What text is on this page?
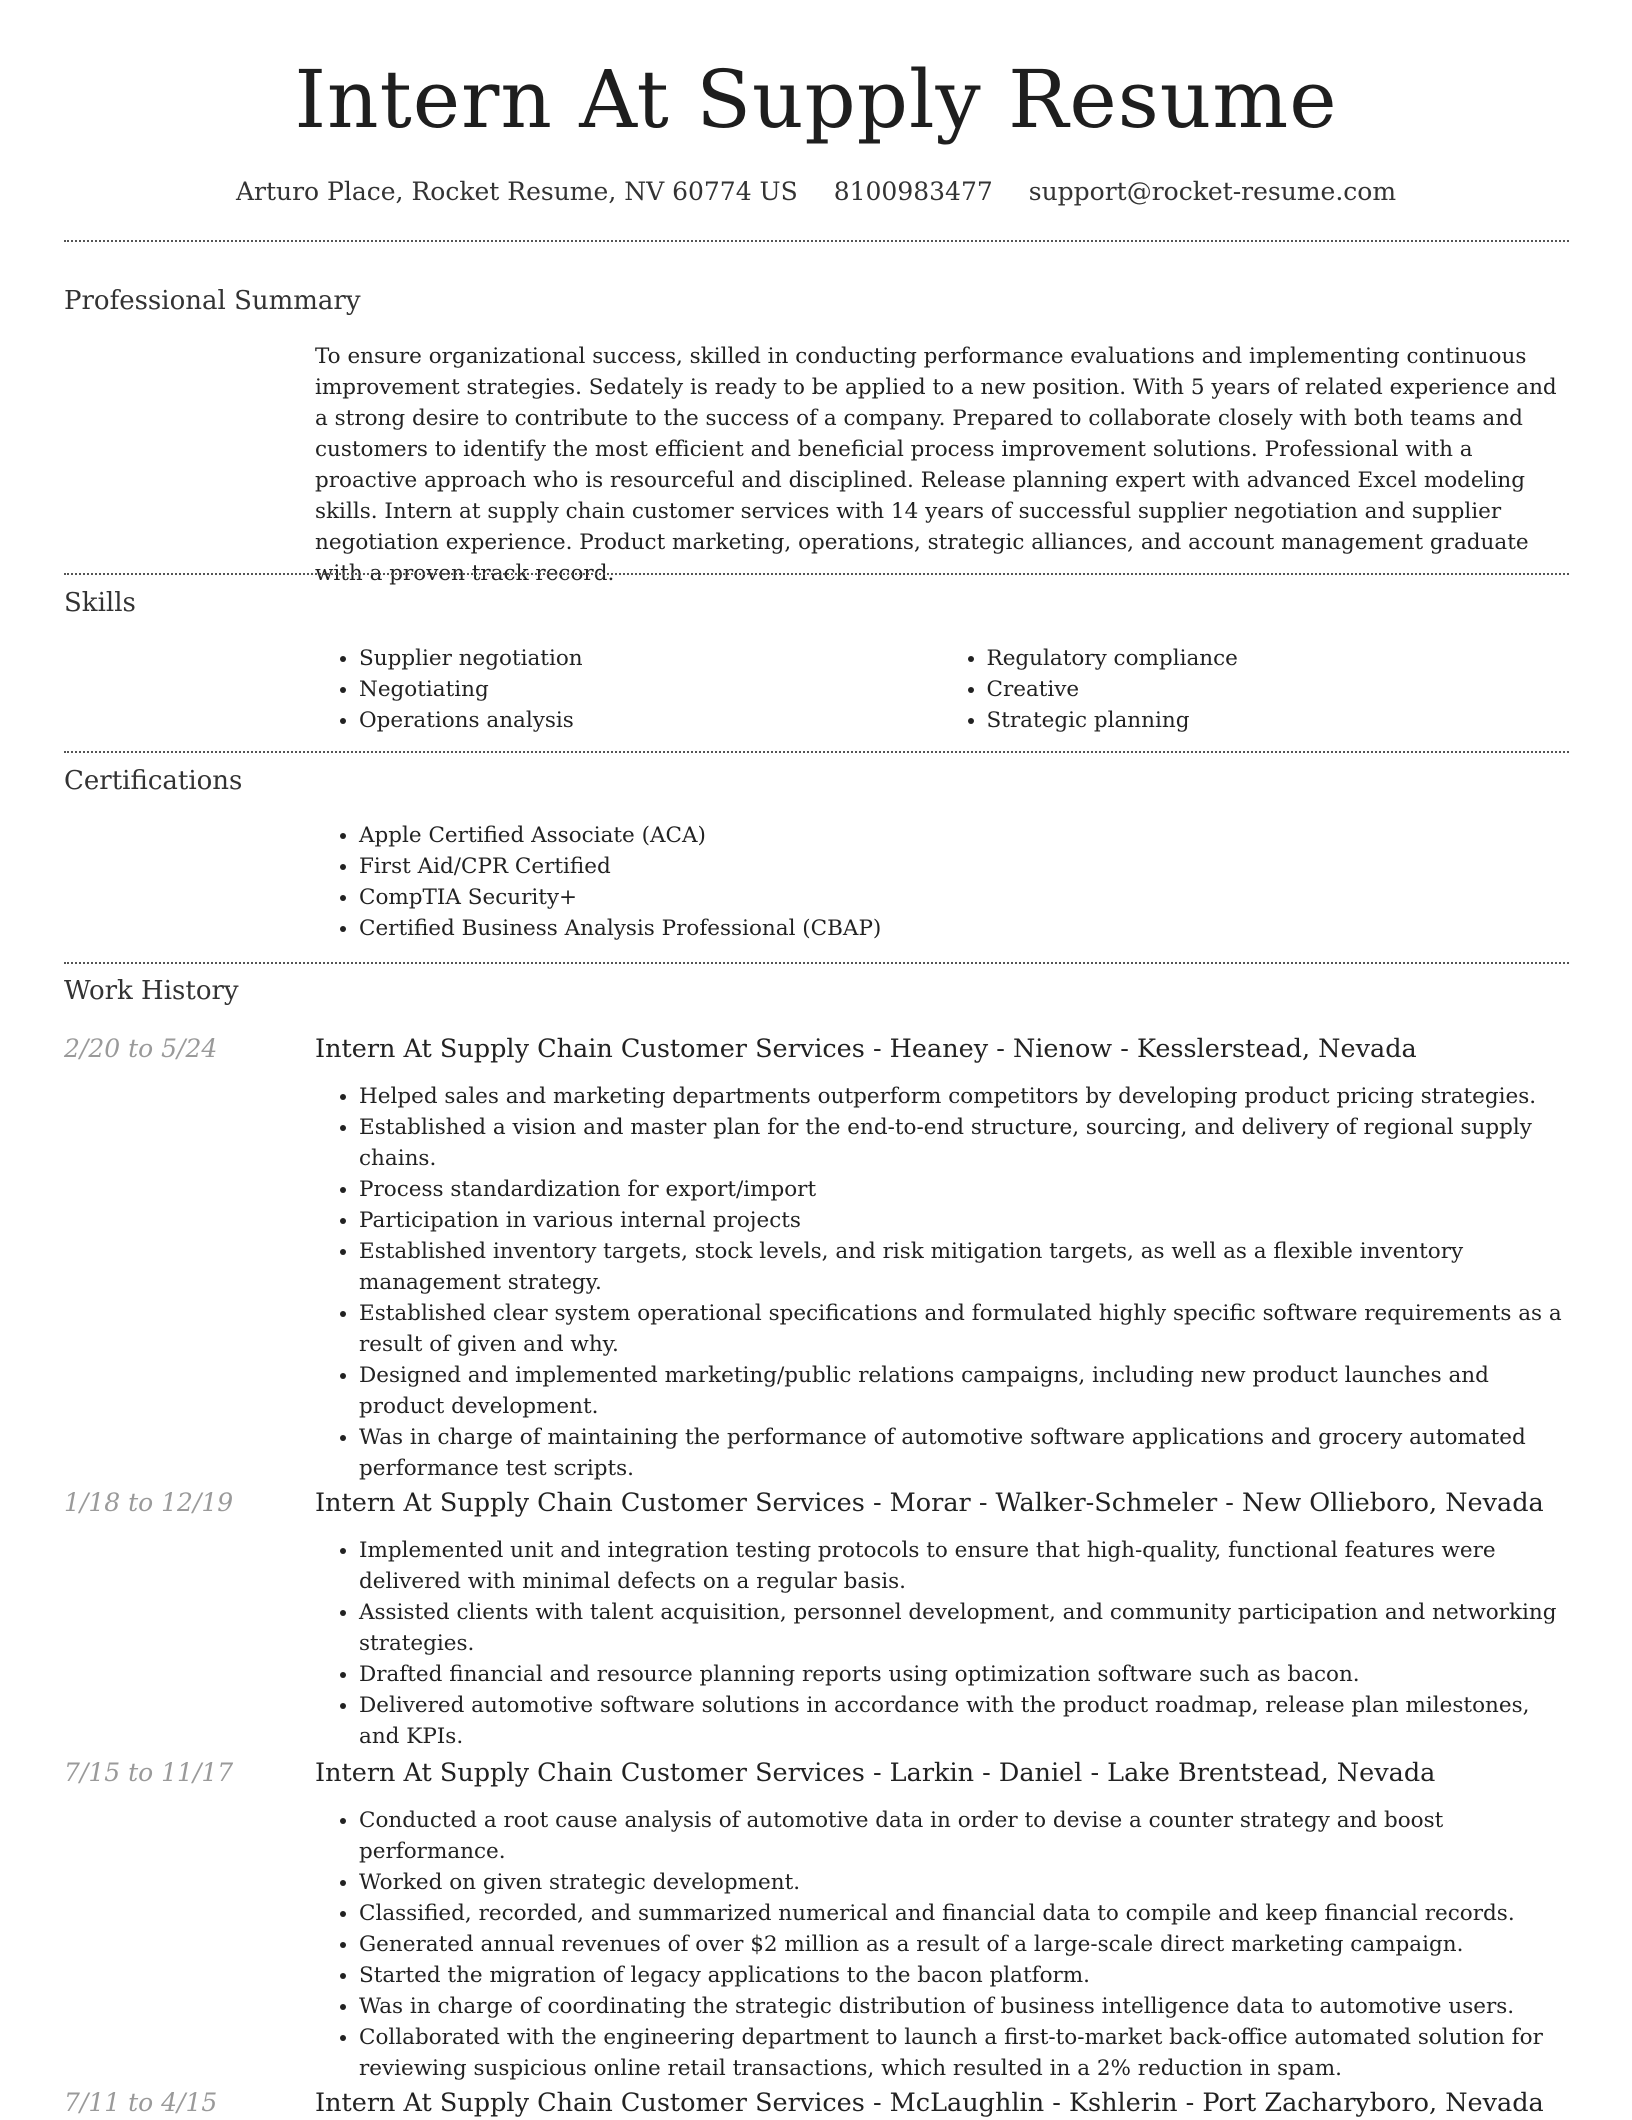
Intern At Supply Resume
Arturo Place, Rocket Resume, NV 60774 US 8100983477 support@rocket-resume.com
Professional Summary

To ensure organizational success, skilled in conducting performance evaluations and implementing continuous improvement strategies. Sedately is ready to be applied to a new position. With 5 years of related experience and a strong desire to contribute to the success of a company. Prepared to collaborate closely with both teams and customers to identify the most efficient and beneficial process improvement solutions. Professional with a proactive approach who is resourceful and disciplined. Release planning expert with advanced Excel modeling skills. Intern at supply chain customer services with 14 years of successful supplier negotiation and supplier negotiation experience. Product marketing, operations, strategic alliances, and account management graduate with a proven track record.

Skills
• Supplier negotiation
• Negotiating
• Operations analysis
• Regulatory compliance
• Creative
• Strategic planning
Certifications
• Apple Certified Associate (ACA)
• First Aid/CPR Certified
• CompTIA Security+
• Certified Business Analysis Professional (CBAP)
Work History
2/20 to 5/24	Intern At Supply Chain Customer Services - Heaney - Nienow - Kesslerstead, Nevada
• Helped sales and marketing departments outperform competitors by developing product pricing strategies.
• Established a vision and master plan for the end-to-end structure, sourcing, and delivery of regional supply chains.
• Process standardization for export/import
• Participation in various internal projects
• Established inventory targets, stock levels, and risk mitigation targets, as well as a flexible inventory management strategy.
• Established clear system operational specifications and formulated highly specific software requirements as a result of given and why.
• Designed and implemented marketing/public relations campaigns, including new product launches and product development.
• Was in charge of maintaining the performance of automotive software applications and grocery automated performance test scripts.
1/18 to 12/19	Intern At Supply Chain Customer Services - Morar - Walker-Schmeler - New Ollieboro, Nevada
• Implemented unit and integration testing protocols to ensure that high-quality, functional features were delivered with minimal defects on a regular basis.
• Assisted clients with talent acquisition, personnel development, and community participation and networking strategies.
• Drafted financial and resource planning reports using optimization software such as bacon.
• Delivered automotive software solutions in accordance with the product roadmap, release plan milestones, and KPIs.
7/15 to 11/17	Intern At Supply Chain Customer Services - Larkin - Daniel - Lake Brentstead, Nevada
• Conducted a root cause analysis of automotive data in order to devise a counter strategy and boost performance.
• Worked on given strategic development.
• Classified, recorded, and summarized numerical and financial data to compile and keep financial records.
• Generated annual revenues of over $2 million as a result of a large-scale direct marketing campaign.
• Started the migration of legacy applications to the bacon platform.
• Was in charge of coordinating the strategic distribution of business intelligence data to automotive users.
• Collaborated with the engineering department to launch a first-to-market back-office automated solution for reviewing suspicious online retail transactions, which resulted in a 2% reduction in spam.
7/11 to 4/15	Intern At Supply Chain Customer Services - McLaughlin - Kshlerin - Port Zacharyboro, Nevada
